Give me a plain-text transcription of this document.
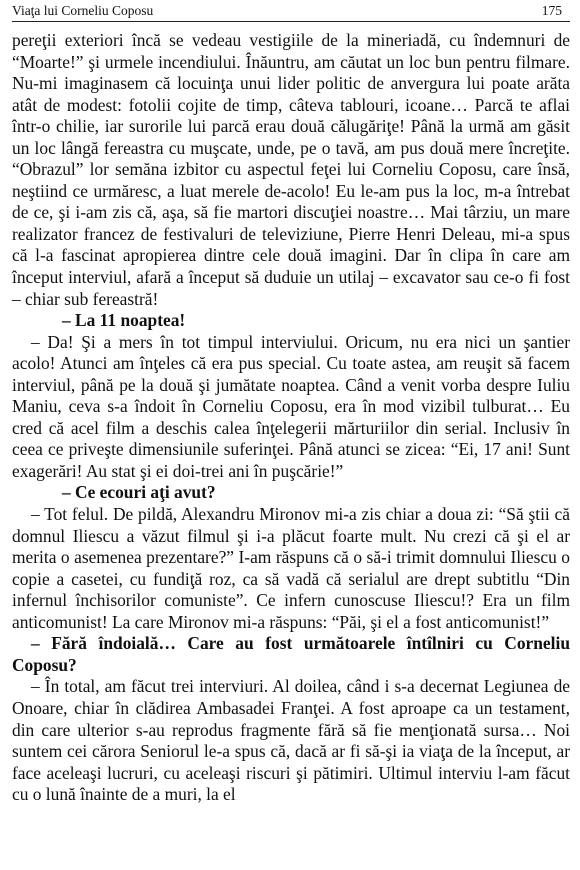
Viaţa lui Corneliu Coposu	175

pereţii exteriori încă se vedeau vestigiile de la mineriadă, cu îndemnuri de “Moarte!” şi urmele incendiului. Înăuntru, am căutat un loc bun pentru filmare. Nu-mi imaginasem că locuinţa unui lider politic de anvergura lui poate arăta atât de modest: fotolii cojite de timp, câteva tablouri, icoane… Parcă te aflai într-o chilie, iar surorile lui parcă erau două călugăriţe! Până la urmă am găsit un loc lângă fereastra cu muşcate, unde, pe o tavă, am pus două mere încreţite. “Obrazul” lor semăna izbitor cu aspectul feţei lui Corneliu Coposu, care însă, neştiind ce urmăresc, a luat merele de-acolo! Eu le-am pus la loc, m-a întrebat de ce, şi i-am zis că, aşa, să fie martori discuţiei noastre… Mai târziu, un mare realizator francez de festivaluri de televiziune, Pierre Henri Deleau, mi-a spus că l-a fascinat apropierea dintre cele două imagini. Dar în clipa în care am început interviul, afară a început să duduie un utilaj – excavator sau ce-o fi fost – chiar sub fereastră!

– La 11 noaptea!

– Da! Şi a mers în tot timpul interviului. Oricum, nu era nici un şantier acolo! Atunci am înţeles că era pus special. Cu toate astea, am reuşit să facem interviul, până pe la două şi jumătate noaptea. Când a venit vorba despre Iuliu Maniu, ceva s-a îndoit în Corneliu Coposu, era în mod vizibil tulburat… Eu cred că acel film a deschis calea înţelegerii mărturiilor din serial. Inclusiv în ceea ce priveşte dimensiunile suferinţei. Până atunci se zicea: “Ei, 17 ani! Sunt exagerări! Au stat şi ei doi-trei ani în puşcărie!”

– Ce ecouri aţi avut?

– Tot felul. De pildă, Alexandru Mironov mi-a zis chiar a doua zi: “Să ştii că domnul Iliescu a văzut filmul şi i-a plăcut foarte mult. Nu crezi că şi el ar merita o asemenea prezentare?” I-am răspuns că o să-i trimit domnului Iliescu o copie a casetei, cu fundiţă roz, ca să vadă că serialul are drept subtitlu “Din infernul închisorilor comuniste”. Ce infern cunoscuse Iliescu!? Era un film anticomunist! La care Mironov mi-a răspuns: “Păi, şi el a fost anticomunist!”

– Fără îndoială… Care au fost următoarele întîlniri cu Corneliu Coposu?

– În total, am făcut trei interviuri. Al doilea, când i s-a decernat Legiunea de Onoare, chiar în clădirea Ambasadei Franţei. A fost aproape ca un testament, din care ulterior s-au reprodus fragmente fără să fie menţionată sursa… Noi suntem cei cărora Seniorul le-a spus că, dacă ar fi să-şi ia viaţa de la început, ar face aceleaşi lucruri, cu aceleaşi riscuri şi pătimiri. Ultimul interviu l-am făcut cu o lună înainte de a muri, la el
